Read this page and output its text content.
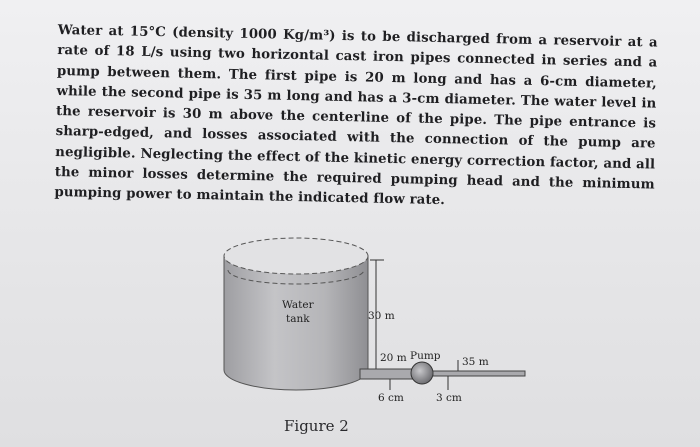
Water at 15°C (density 1000 Kg/m³) is to be discharged from a reservoir at a rate of 18 L/s using two horizontal cast iron pipes connected in series and a pump between them. The first pipe is 20 m long and has a 6-cm diameter, while the second pipe is 35 m long and has a 3-cm diameter. The water level in the reservoir is 30 m above the centerline of the pipe. The pipe entrance is sharp-edged, and losses associated with the connection of the pump are negligible. Neglecting the effect of the kinetic energy correction factor, and all the minor losses determine the required pumping head and the minimum pumping power to maintain the indicated flow rate.

Water
tank	30 m
20 m Pump 35 m
6 cm	3 cm
Figure 2
